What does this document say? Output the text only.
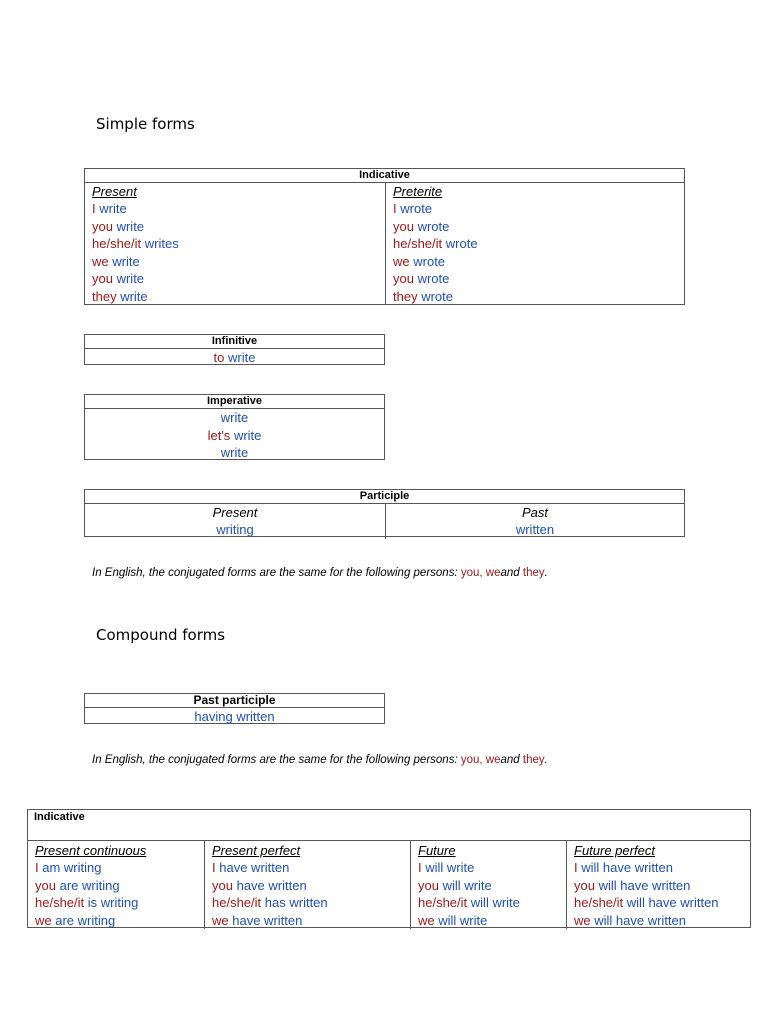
Simple forms
Indicative
Present
I write
you write
he/she/it writes
we write
you write
they write
Preterite
I wrote
you wrote
he/she/it wrote
we wrote
you wrote
they wrote
Infinitive
to write
Imperative
write
let's write
write
Participle
Present
writing
Past
written
In English, the conjugated forms are the same for the following persons: you, weand they.
Compound forms
Past participle
having written
In English, the conjugated forms are the same for the following persons: you, weand they.
Indicative
Present continuous
I am writing
you are writing
he/she/it is writing
we are writing
Present perfect
I have written
you have written
he/she/it has written
we have written
Future
I will write
you will write
he/she/it will write
we will write
Future perfect
I will have written
you will have written
he/she/it will have written
we will have written
